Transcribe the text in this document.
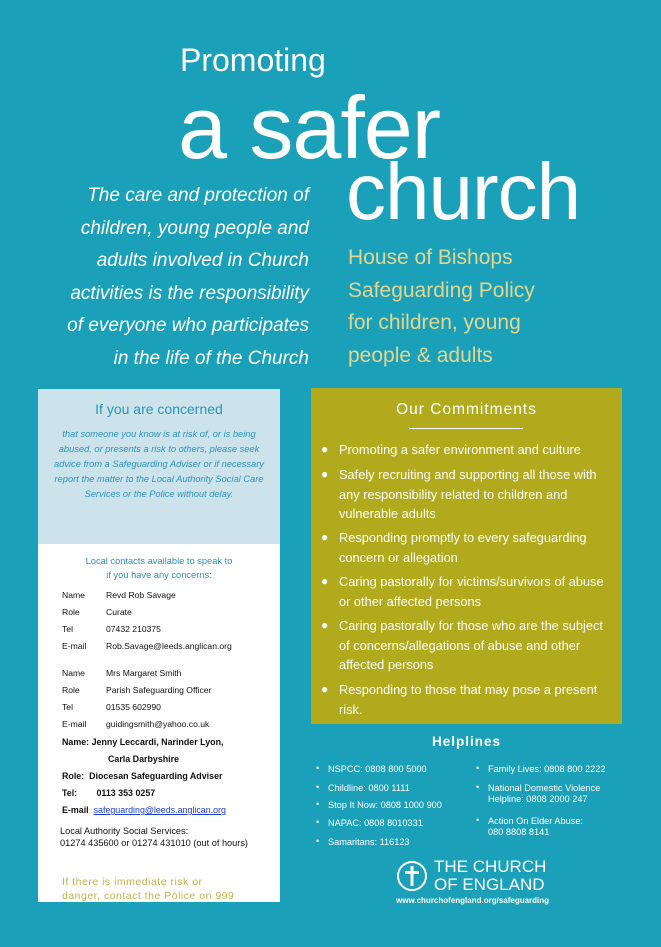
Promoting
a safer
church
The care and protection of
children, young people and
adults involved in Church
activities is the responsibility
of everyone who participates
in the life of the Church
House of Bishops
Safeguarding Policy
for children, young
people & adults
If you are concerned
that someone you know is at risk of, or is being abused, or presents a risk to others, please seek advice from a Safeguarding Adviser or if necessary report the matter to the Local Authority Social Care Services or the Police without delay.
Local contacts available to speak to
if you have any concerns:
Name	Revd Rob Savage
Role	Curate
Tel	07432 210375
E-mail	Rob.Savage@leeds.anglican.org
Name	Mrs Margaret Smith
Role	Parish Safeguarding Officer
Tel	01535 602990
E-mail	guidingsmith@yahoo.co.uk
Name:
Jenny Leccardi, Narinder Lyon,
Carla Darbyshire
Role:
Diocesan Safeguarding Adviser
Tel:
	0113 353 0257
E-mail
safeguarding@leeds.anglican.org
Local Authority Social Services:
01274 435600 or 01274 431010 (out of hours)
If there is immediate risk or
danger, contact the Police on 999
Our Commitments
● Promoting a safer environment and culture
● Safely recruiting and supporting all those with any responsibility related to children and vulnerable adults
● Responding promptly to every safeguarding concern or allegation
● Caring pastorally for victims/survivors of abuse or other affected persons
● Caring pastorally for those who are the subject of concerns/allegations of abuse and other affected persons
● Responding to those that may pose a present risk.
Helplines
• NSPCC: 0808 800 5000
• Childline: 0800 1111
• Stop It Now: 0808 1000 900
• NAPAC: 0808 8010331
• Samaritans: 116123
• Family Lives: 0808 800 2222
• National Domestic Violence
Helpline: 0808 2000 247
• Action On Elder Abuse:
080 8808 8141
THE CHURCH
OF ENGLAND
www.churchofengland.org/safeguarding
